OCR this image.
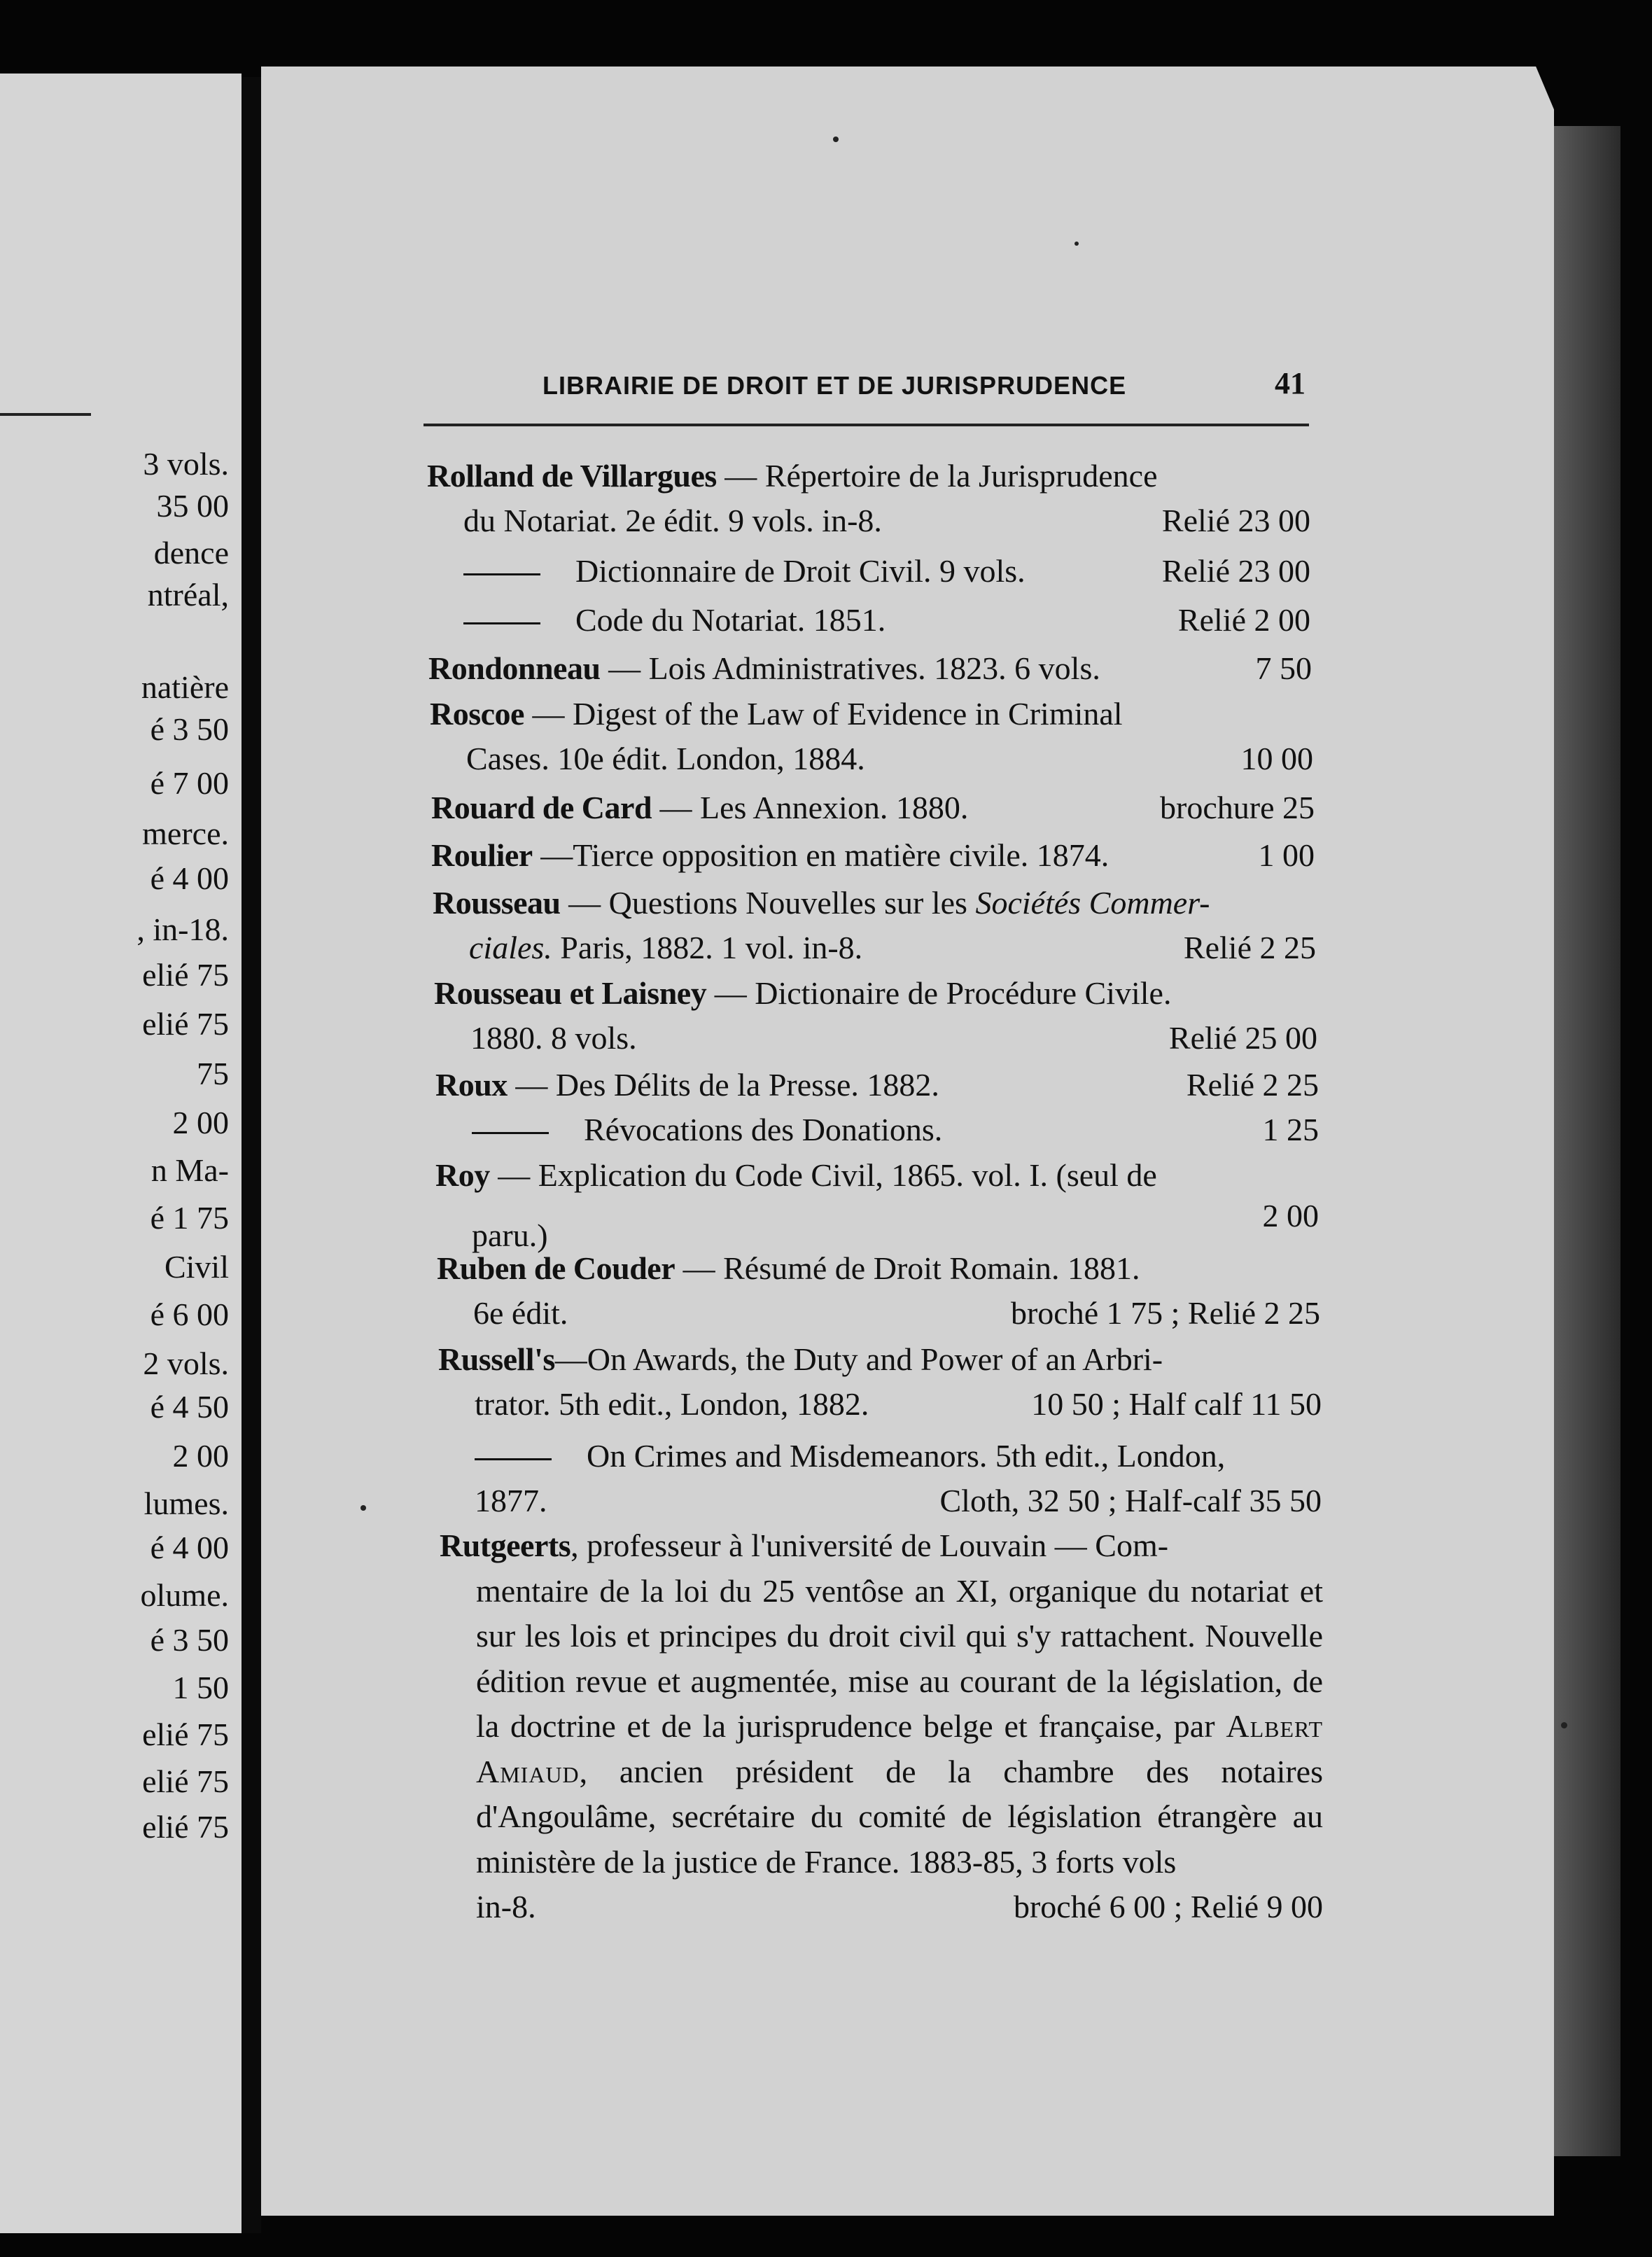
3 vols.
35 00
dence
ntréal,
natière
é 3 50
é 7 00
merce.
é 4 00
, in-18.
elié 75
elié 75
75
2 00
n Ma-
é 1 75
Civil
é 6 00
2 vols.
é 4 50
2 00
lumes.
é 4 00
olume.
é 3 50
1 50
elié 75
elié 75
elié 75
LIBRAIRIE DE DROIT ET DE JURISPRUDENCE	41
Rolland de Villargues — Répertoire de la Jurisprudence
du Notariat. 2e édit. 9 vols. in-8.	Relié 23 00
Dictionnaire de Droit Civil. 9 vols.	Relié 23 00
Code du Notariat. 1851.	Relié 2 00
Rondonneau — Lois Administratives. 1823. 6 vols.	7 50
Roscoe — Digest of the Law of Evidence in Criminal
Cases. 10e édit. London, 1884.	10 00
Rouard de Card — Les Annexion. 1880.	brochure 25
Roulier —Tierce opposition en matière civile. 1874.	1 00
Rousseau — Questions Nouvelles sur les Sociétés Commer-
ciales. Paris, 1882. 1 vol. in-8.	Relié 2 25
Rousseau et Laisney — Dictionaire de Procédure Civile.
1880. 8 vols.	Relié 25 00
Roux — Des Délits de la Presse. 1882.	Relié 2 25
Révocations des Donations.	1 25
Roy — Explication du Code Civil, 1865. vol. I. (seul de
2 00
paru.)
Ruben de Couder — Résumé de Droit Romain. 1881.
6e édit.	broché 1 75 ; Relié 2 25
Russell's—On Awards, the Duty and Power of an Arbri-
trator. 5th edit., London, 1882.	10 50 ; Half calf 11 50
On Crimes and Misdemeanors. 5th edit., London,
1877.	Cloth, 32 50 ; Half-calf 35 50
Rutgeerts, professeur à l'université de Louvain — Com-
mentaire de la loi du 25 ventôse an XI, organique du notariat et sur les lois et principes du droit civil qui s'y rattachent. Nouvelle édition revue et augmentée, mise au courant de la législation, de la doctrine et de la jurisprudence belge et française, par Albert Amiaud, ancien président de la chambre des notaires d'Angoulâme, secrétaire du comité de législation étrangère au ministère de la justice de France. 1883-85, 3 forts vols
in-8.	broché 6 00 ; Relié 9 00
